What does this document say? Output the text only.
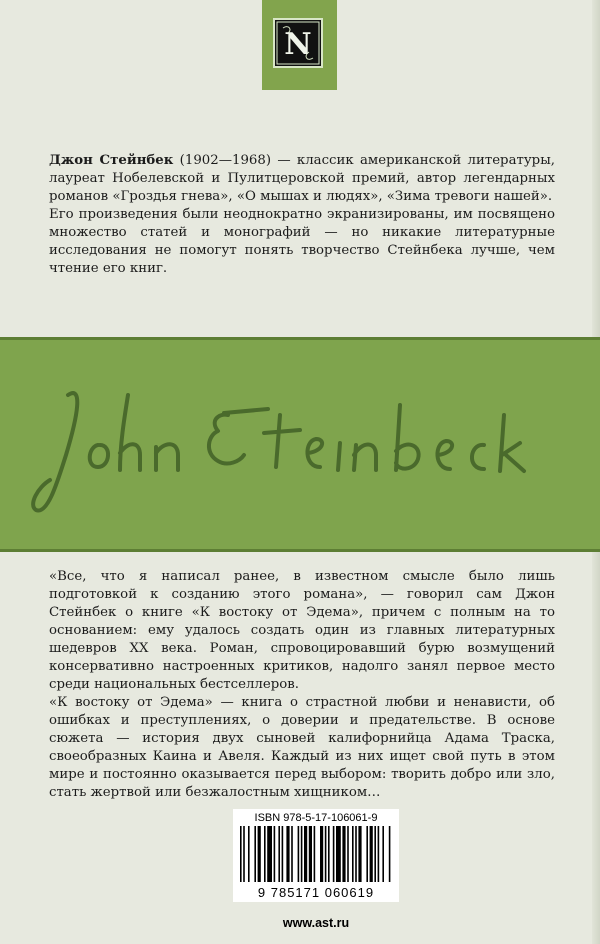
N

Джон Стейнбек (1902—1968) — классик американской литературы, лауреат Нобелевской и Пулитцеровской премий, автор легендарных романов «Гроздья гнева», «О мышах и людях», «Зима тревоги нашей».

Его произведения были неоднократно экранизированы, им посвящено множество статей и монографий — но никакие литературные исследования не помогут понять творчество Стейнбека лучше, чем чтение его книг.

«Все, что я написал ранее, в известном смысле было лишь подготовкой к созданию этого романа», — говорил сам Джон Стейнбек о книге «К востоку от Эдема», причем с полным на то основанием: ему удалось создать один из главных литературных шедевров XX века. Роман, спровоцировавший бурю возмущений консервативно настроенных критиков, надолго занял первое место среди национальных бестселлеров.

«К востоку от Эдема» — книга о страстной любви и ненависти, об ошибках и преступлениях, о доверии и предательстве. В основе сюжета — история двух сыновей калифорнийца Адама Траска, своеобразных Каина и Авеля. Каждый из них ищет свой путь в этом мире и постоянно оказывается перед выбором: творить добро или зло, стать жертвой или безжалостным хищником…

ISBN 978-5-17-106061-9
9 785171 060619
www.ast.ru
